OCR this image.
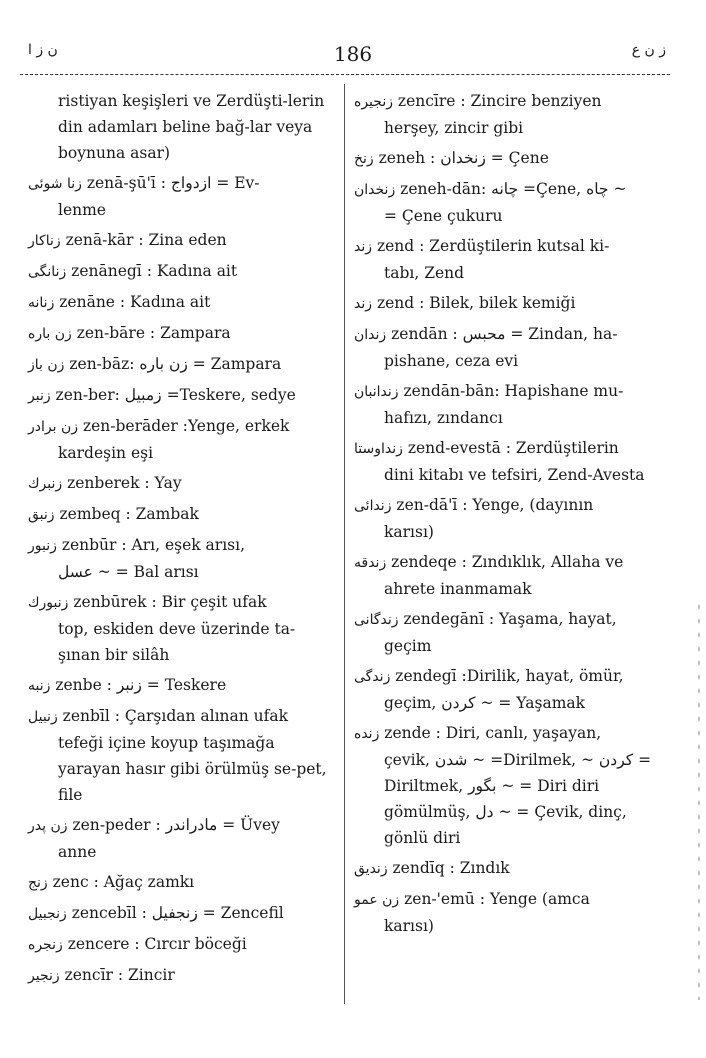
ن ز ا	186	ز ن ع
ristiyan keşişleri ve Zerdüşti-lerin din adamları beline bağ-lar veya boynuna asar)
زنا شوئی zenā-şū'ī : ازدواج = Ev-
lenme
زناكار zenā-kār : Zina eden
زنانگی zenānegī : Kadına ait
زنانه zenāne : Kadına ait
زن باره zen-bāre : Zampara
زن باز zen-bāz: زن باره = Zampara
زنبر zen-ber: زمبیل =Teskere, sedye
زن برادر zen-berāder :Yenge, erkek
kardeşin eşi
زنبرك zenberek : Yay
زنبق zembeq : Zambak
زنبور zenbūr : Arı, eşek arısı,
عسل ~ = Bal arısı
زنبورك zenbūrek : Bir çeşit ufak
top, eskiden deve üzerinde ta-şınan bir silâh
زنبه zenbe : زنبر = Teskere
زنبیل zenbīl : Çarşıdan alınan ufak
tefeği içine koyup taşımağa yarayan hasır gibi örülmüş se-pet, file
زن پدر zen-peder : مادراندر = Üvey
anne
زنج zenc : Ağaç zamkı
زنجبیل zencebīl : زنجفیل = Zencefil
زنجره zencere : Cırcır böceği
زنجیر zencīr : Zincir
زنجیره zencīre : Zincire benziyen
herşey, zincir gibi
زنخ zeneh : زنخدان = Çene
زنخدان zeneh-dān: چانه =Çene, چاه ~
= Çene çukuru
زند zend : Zerdüştilerin kutsal ki-
tabı, Zend
زند zend : Bilek, bilek kemiği
زندان zendān : محبس = Zindan, ha-
pishane, ceza evi
زندانبان zendān-bān: Hapishane mu-
hafızı, zındancı
زنداوستا zend-evestā : Zerdüştilerin
dini kitabı ve tefsiri, Zend-Avesta
زندائی zen-dā'ī : Yenge, (dayının
karısı)
زندقه zendeqe : Zındıklık, Allaha ve
ahrete inanmamak
زندگانی zendegānī : Yaşama, hayat,
geçim
زندگی zendegī :Dirilik, hayat, ömür,
geçim, کردن ~ = Yaşamak
زنده zende : Diri, canlı, yaşayan,
çevik, شدن ~ =Dirilmek, ~ کردن = Diriltmek, بگور ~ = Diri diri gömülmüş, دل ~ = Çevik, dinç, gönlü diri
زندیق zendīq : Zındık
زن عمو zen-'emū : Yenge (amca
karısı)
